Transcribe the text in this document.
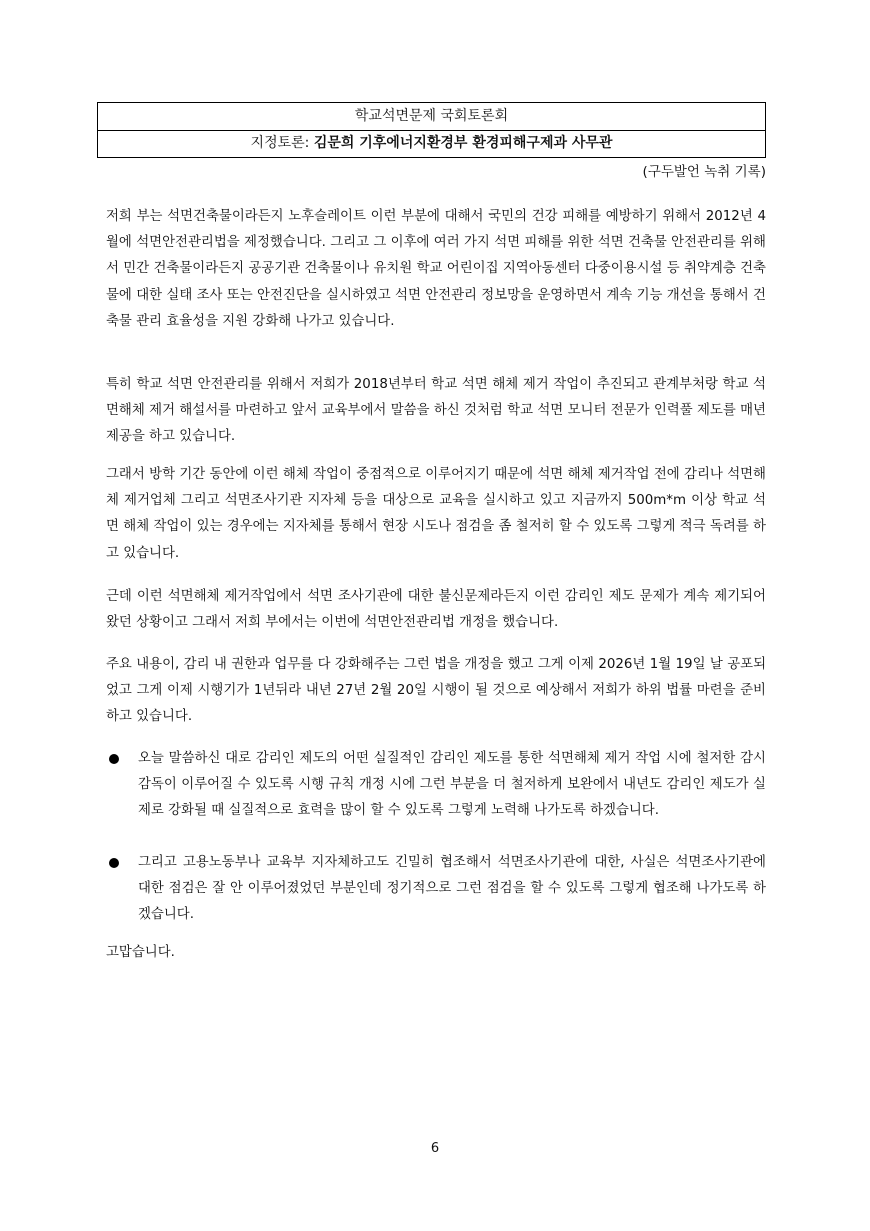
학교석면문제 국회토론회
지정토론: 김문희 기후에너지환경부 환경피해구제과 사무관
(구두발언 녹취 기록)

저희 부는 석면건축물이라든지 노후슬레이트 이런 부분에 대해서 국민의 건강 피해를 예방하기 위해서 2012년 4월에 석면안전관리법을 제정했습니다. 그리고 그 이후에 여러 가지 석면 피해를 위한 석면 건축물 안전관리를 위해서 민간 건축물이라든지 공공기관 건축물이나 유치원 학교 어린이집 지역아동센터 다중이용시설 등 취약계층 건축물에 대한 실태 조사 또는 안전진단을 실시하였고 석면 안전관리 정보망을 운영하면서 계속 기능 개선을 통해서 건축물 관리 효율성을 지원 강화해 나가고 있습니다.

특히 학교 석면 안전관리를 위해서 저희가 2018년부터 학교 석면 해체 제거 작업이 추진되고 관계부처랑 학교 석면해체 제거 해설서를 마련하고 앞서 교육부에서 말씀을 하신 것처럼 학교 석면 모니터 전문가 인력풀 제도를 매년 제공을 하고 있습니다.

그래서 방학 기간 동안에 이런 해체 작업이 중점적으로 이루어지기 때문에 석면 해체 제거작업 전에 감리나 석면해체 제거업체 그리고 석면조사기관 지자체 등을 대상으로 교육을 실시하고 있고 지금까지 500m*m 이상 학교 석면 해체 작업이 있는 경우에는 지자체를 통해서 현장 시도나 점검을 좀 철저히 할 수 있도록 그렇게 적극 독려를 하고 있습니다.

근데 이런 석면해체 제거작업에서 석면 조사기관에 대한 불신문제라든지 이런 감리인 제도 문제가 계속 제기되어 왔던 상황이고 그래서 저희 부에서는 이번에 석면안전관리법 개정을 했습니다.

주요 내용이, 감리 내 권한과 업무를 다 강화해주는 그런 법을 개정을 했고 그게 이제 2026년 1월 19일 날 공포되었고 그게 이제 시행기가 1년뒤라 내년 27년 2월 20일 시행이 될 것으로 예상해서 저희가 하위 법률 마련을 준비하고 있습니다.

오늘 말씀하신 대로 감리인 제도의 어떤 실질적인 감리인 제도를 통한 석면해체 제거 작업 시에 철저한 감시감독이 이루어질 수 있도록 시행 규칙 개정 시에 그런 부분을 더 철저하게 보완에서 내년도 감리인 제도가 실제로 강화될 때 실질적으로 효력을 많이 할 수 있도록 그렇게 노력해 나가도록 하겠습니다.

그리고 고용노동부나 교육부 지자체하고도 긴밀히 협조해서 석면조사기관에 대한, 사실은 석면조사기관에 대한 점검은 잘 안 이루어졌었던 부분인데 정기적으로 그런 점검을 할 수 있도록 그렇게 협조해 나가도록 하겠습니다.

고맙습니다.

6
